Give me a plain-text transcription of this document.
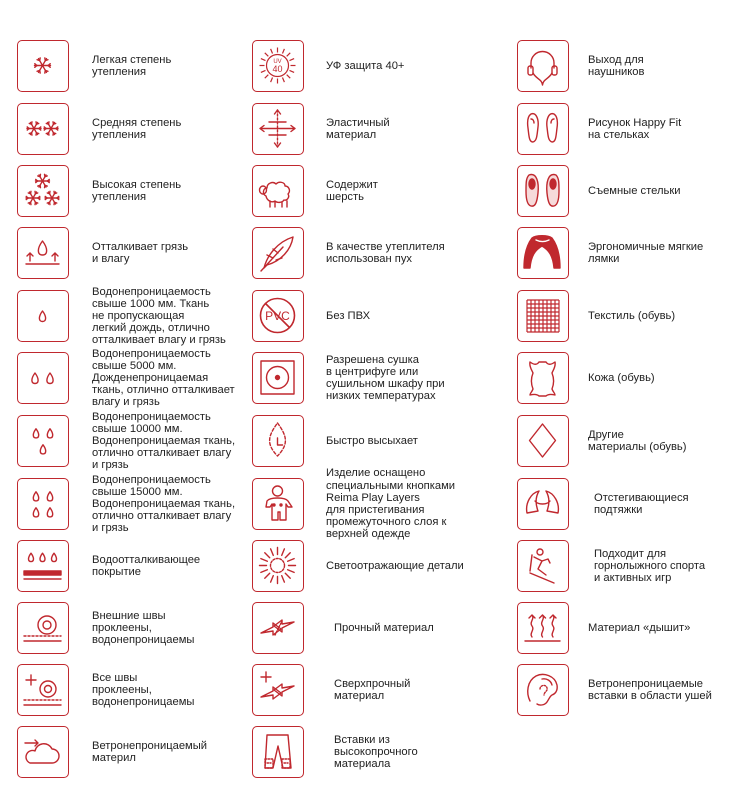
Легкая степень
утепления
Средняя степень
утепления
Высокая степень
утепления
Отталкивает грязь
и влагу
Водонепроницаемость
свыше 1000 мм. Ткань
не пропускающая
легкий дождь, отлично
отталкивает влагу и грязь
Водонепроницаемость
свыше 5000 мм.
Дожденепроницаемая
ткань, отлично отталкивает
влагу и грязь
Водонепроницаемость
свыше 10000 мм.
Водонепроницаемая ткань,
отлично отталкивает влагу
и грязь
Водонепроницаемость
свыше 15000 мм.
Водонепроницаемая ткань,
отлично отталкивает влагу
и грязь
Водоотталкивающее
покрытие
Внешние швы
проклеены,
водонепроницаемы
Все швы
проклеены,
водонепроницаемы
Ветронепроницаемый
материл
UV
40	УФ защита 40+
Эластичный
материал
Содержит
шерсть
В качестве утеплителя
использован пух
PVC	Без ПВХ
Разрешена сушка
в центрифуге или
сушильном шкафу при
низких температурах
Быстро высыхает
Изделие оснащено
специальными кнопками
Reima Play Layers
для пристегивания
промежуточного слоя к
верхней одежде
Светоотражающие детали
Прочный материал
Сверхпрочный
материал
Вставки из
высокопрочного
материала
Выход для
наушников
Рисунок Happy Fit
на стельках
Съемные стельки
Эргономичные мягкие
лямки
Текстиль (обувь)
Кожа (обувь)
Другие
материалы (обувь)
Отстегивающиеся
подтяжки
Подходит для
горнолыжного спорта
и активных игр
Материал «дышит»
Ветронепроницаемые
вставки в области ушей
